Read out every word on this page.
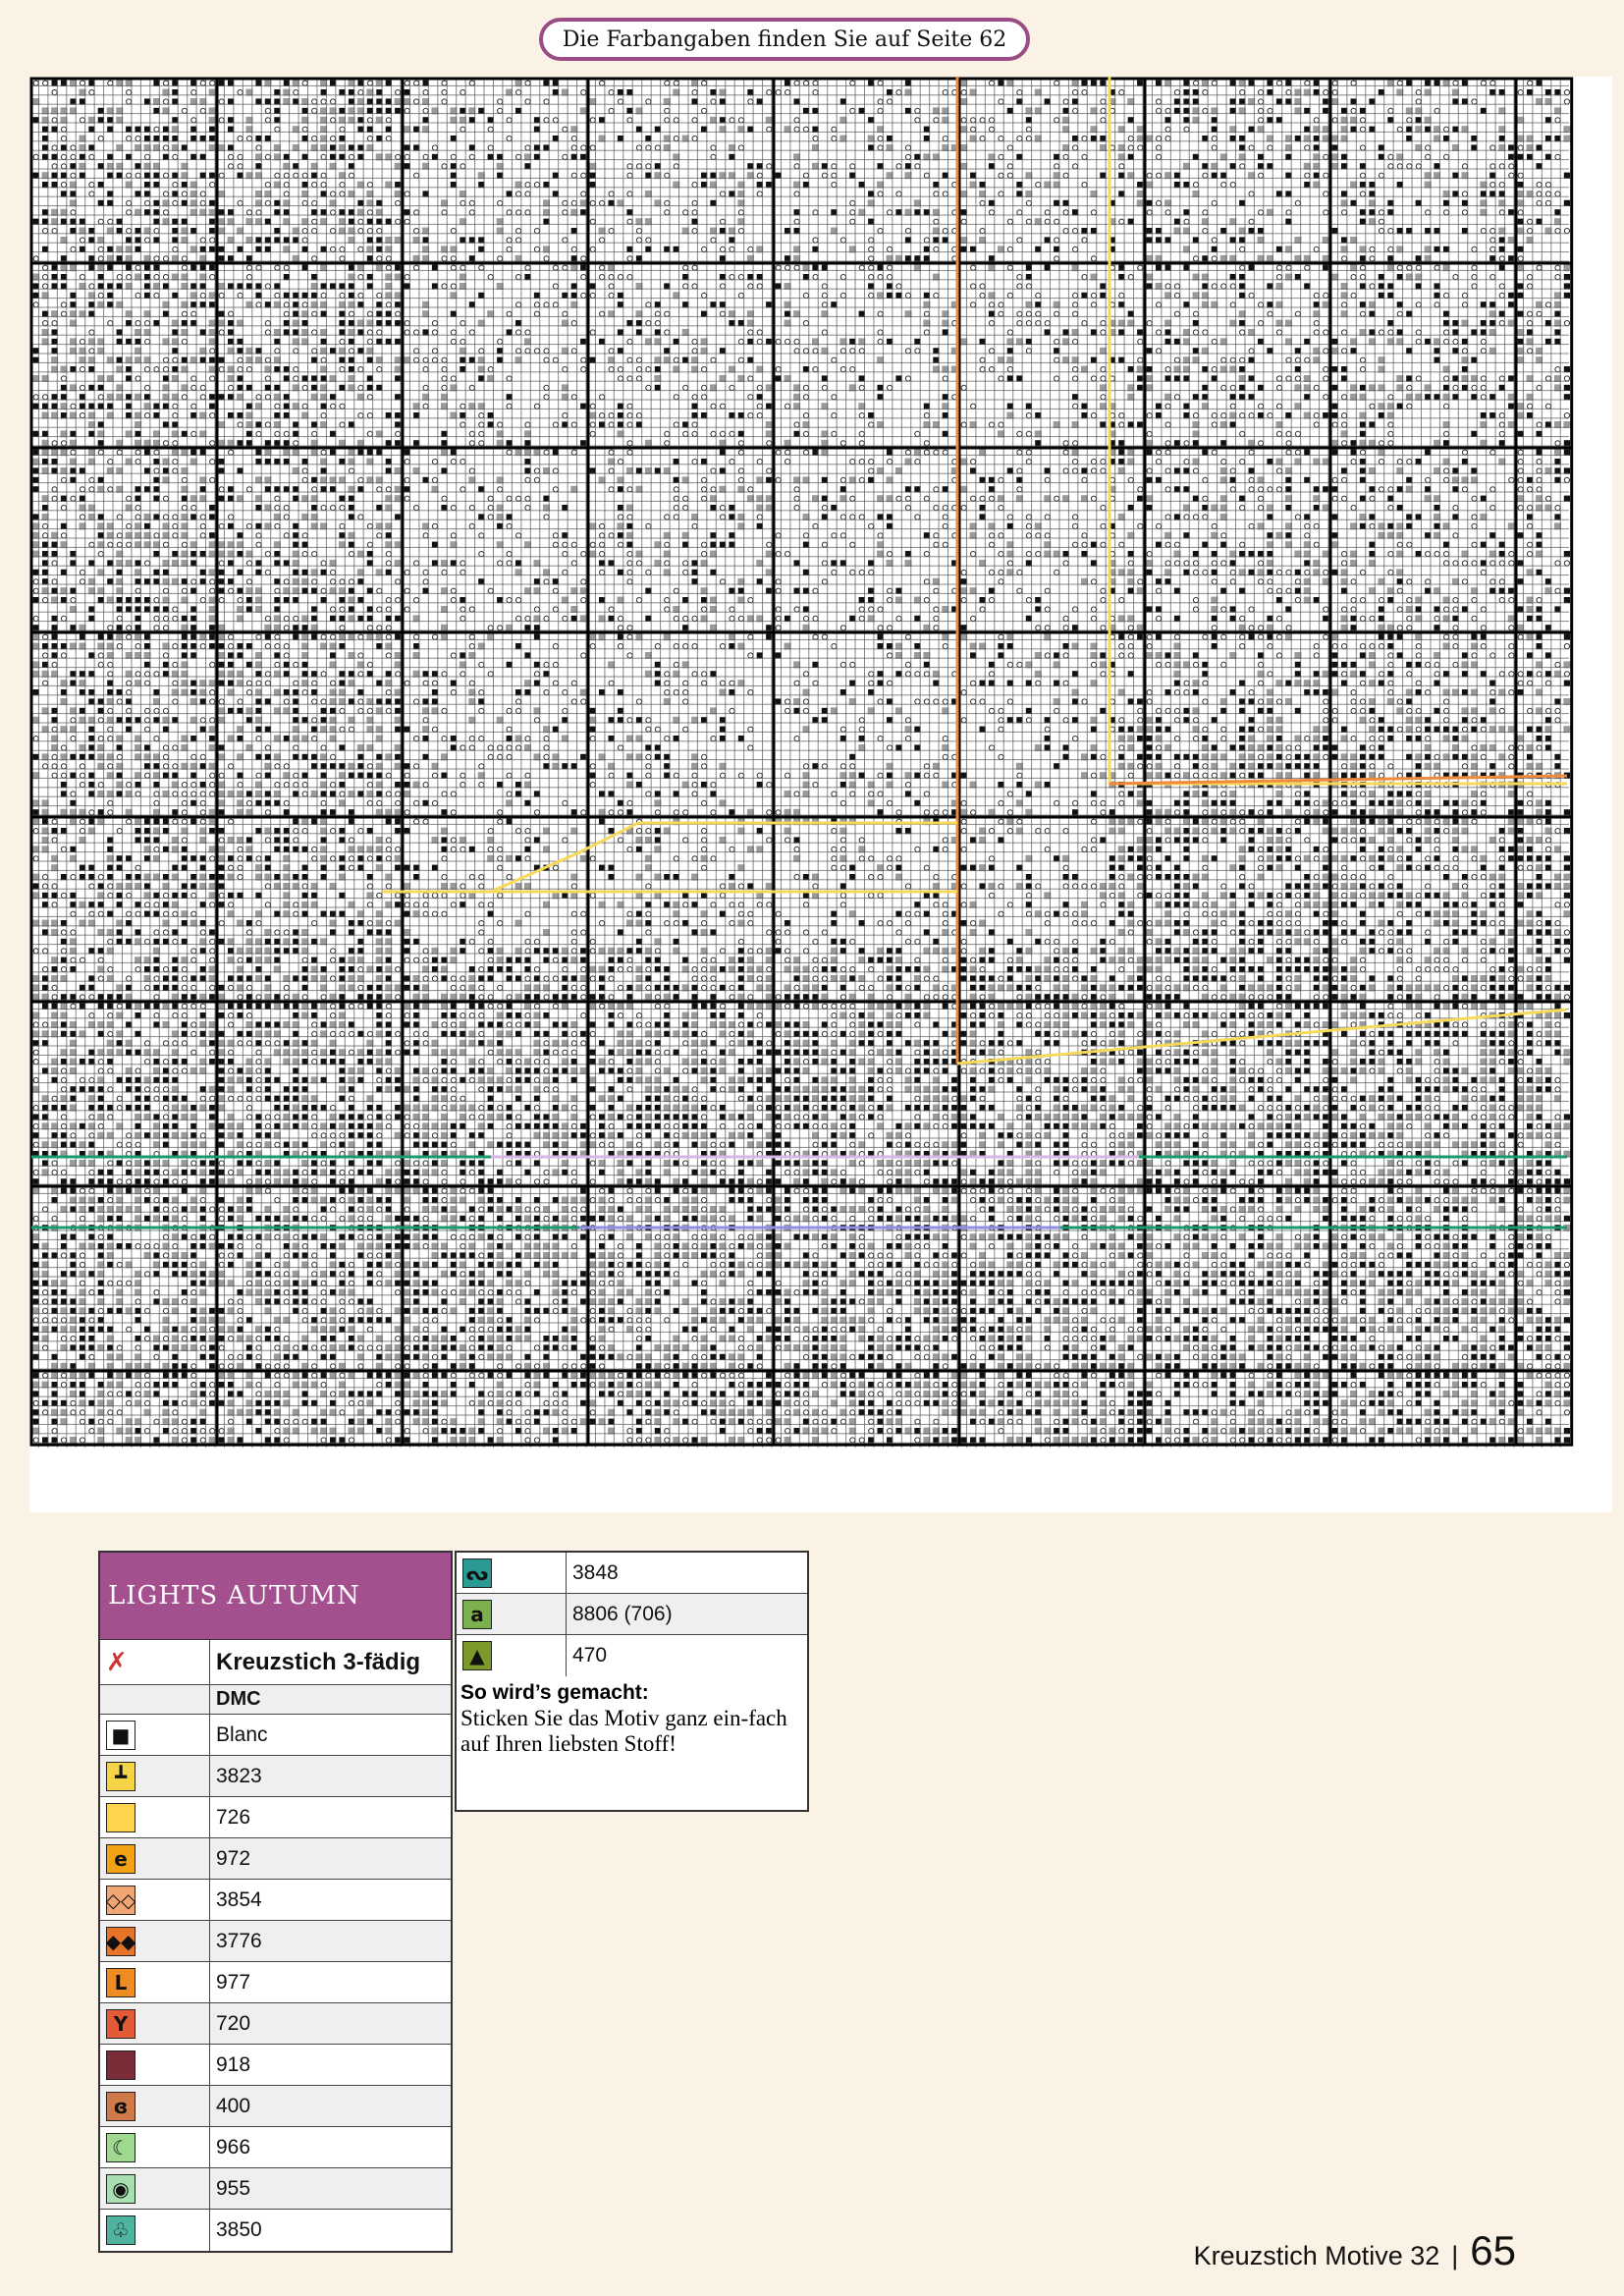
Die Farbangaben finden Sie auf Seite 62
LIGHTS AUTUMN
✗	Kreuzstich 3-fädig
DMC
■	Blanc
┻	3823
726
e	972
◇◇	3854
◆◆	3776
L	977
Y	720
918
ɞ	400
☾	966
◉	955
♧	3850
ᔓ	3848
a	8806 (706)
▲	470
So wird’s gemacht:
Sticken Sie das Motiv ganz ein-fach auf Ihren liebsten Stoff!
Kreuzstich Motive 32 | 65
